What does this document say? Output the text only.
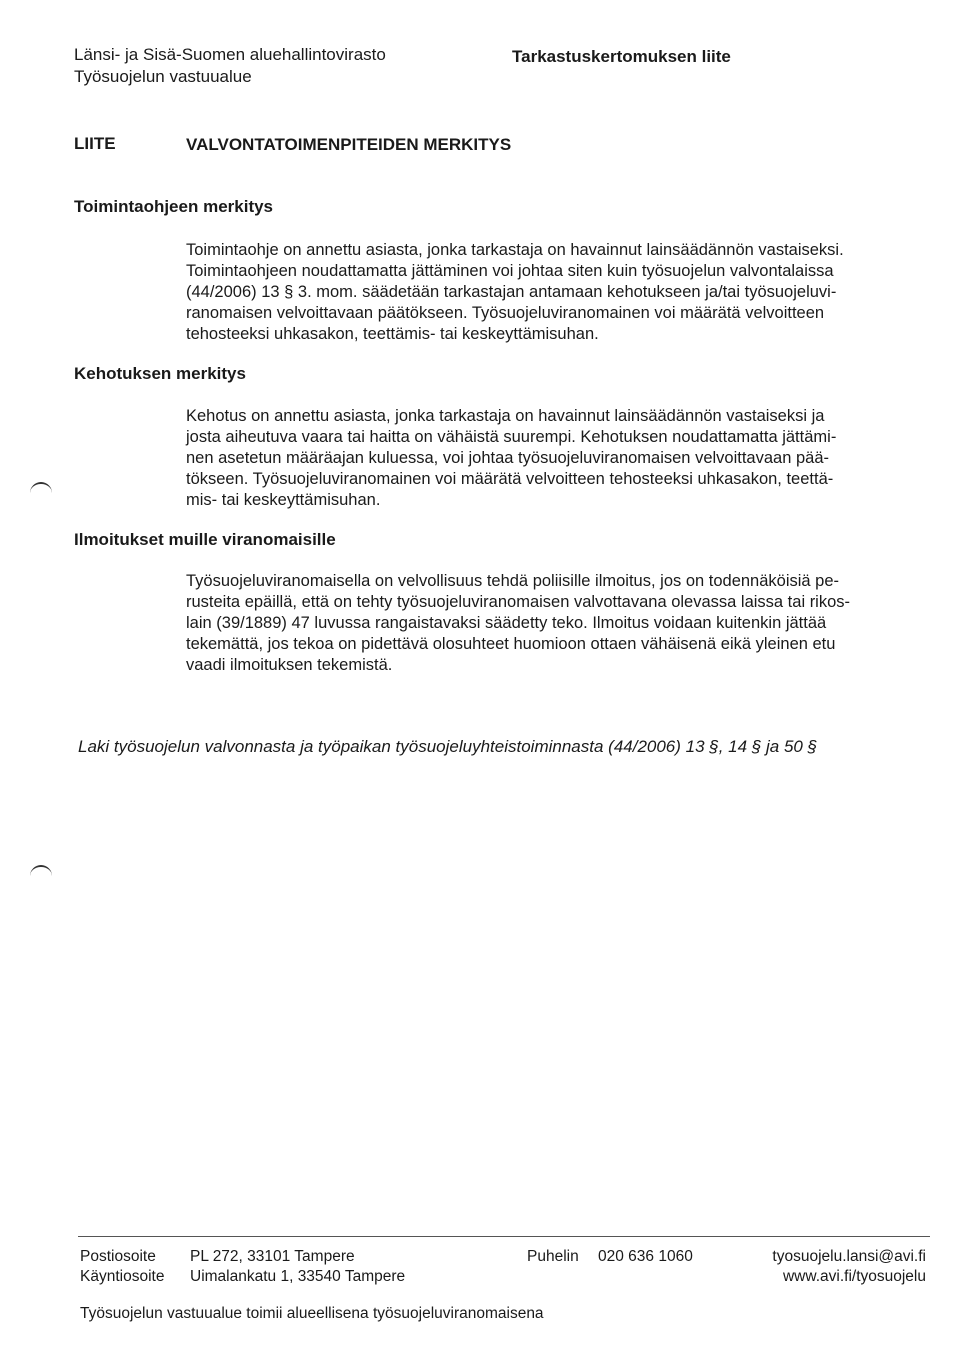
Länsi- ja Sisä-Suomen aluehallintovirasto
Työsuojelun vastuualue
Tarkastuskertomuksen liite
LIITE	VALVONTATOIMENPITEIDEN MERKITYS
Toimintaohjeen merkitys
Toimintaohje on annettu asiasta, jonka tarkastaja on havainnut lainsäädännön vastaiseksi.
Toimintaohjeen noudattamatta jättäminen voi johtaa siten kuin työsuojelun valvontalaissa
(44/2006) 13 § 3. mom. säädetään tarkastajan antamaan kehotukseen ja/tai työsuojeluvi-
ranomaisen velvoittavaan päätökseen. Työsuojeluviranomainen voi määrätä velvoitteen
tehosteeksi uhkasakon, teettämis- tai keskeyttämisuhan.
Kehotuksen merkitys
Kehotus on annettu asiasta, jonka tarkastaja on havainnut lainsäädännön vastaiseksi ja
josta aiheutuva vaara tai haitta on vähäistä suurempi. Kehotuksen noudattamatta jättämi-
nen asetetun määräajan kuluessa, voi johtaa työsuojeluviranomaisen velvoittavaan pää-
tökseen. Työsuojeluviranomainen voi määrätä velvoitteen tehosteeksi uhkasakon, teettä-
mis- tai keskeyttämisuhan.
Ilmoitukset muille viranomaisille
Työsuojeluviranomaisella on velvollisuus tehdä poliisille ilmoitus, jos on todennäköisiä pe-
rusteita epäillä, että on tehty työsuojeluviranomaisen valvottavana olevassa laissa tai rikos-
lain (39/1889) 47 luvussa rangaistavaksi säädetty teko. Ilmoitus voidaan kuitenkin jättää
tekemättä, jos tekoa on pidettävä olosuhteet huomioon ottaen vähäisenä eikä yleinen etu
vaadi ilmoituksen tekemistä.
Laki työsuojelun valvonnasta ja työpaikan työsuojeluyhteistoiminnasta (44/2006) 13 §, 14 § ja 50 §
Postiosoite PL 272, 33101 Tampere
Käyntiosoite Uimalankatu 1, 33540 Tampere
Puhelin 020 636 1060	tyosuojelu.lansi@avi.fi
www.avi.fi/tyosuojelu
Työsuojelun vastuualue toimii alueellisena työsuojeluviranomaisena
